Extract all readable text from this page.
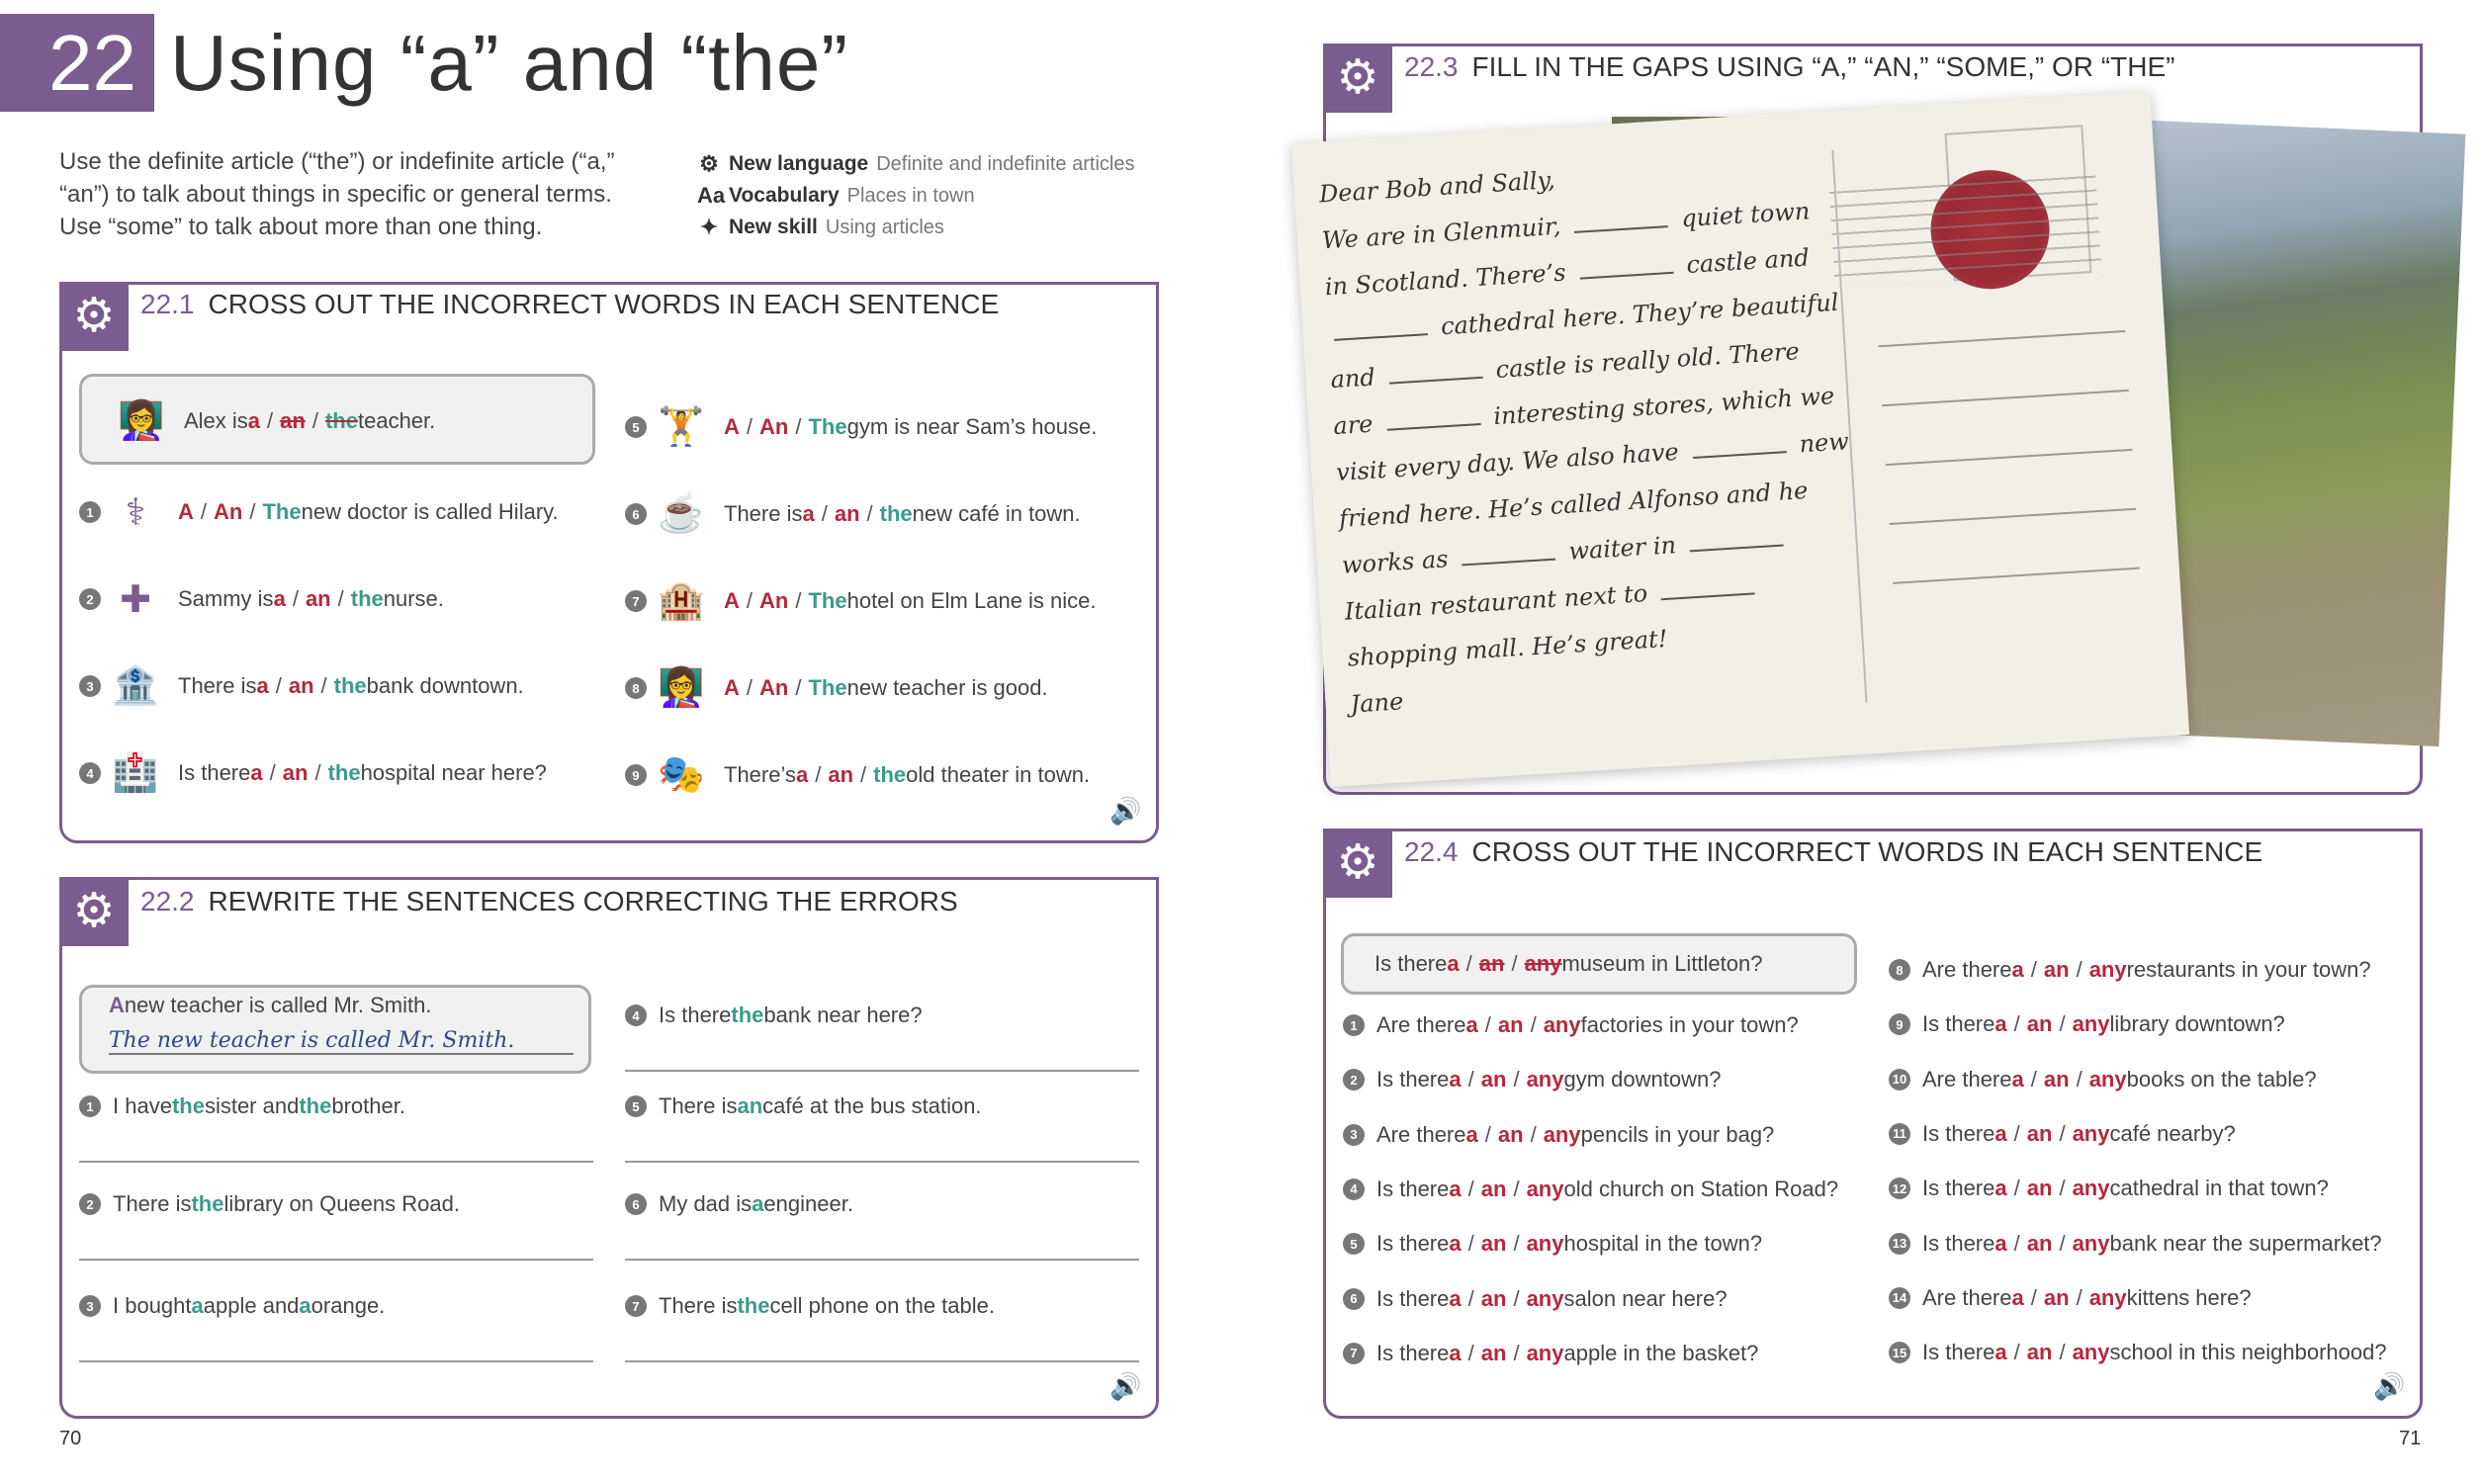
22 Using “a” and “the”
Use the definite article (“the”) or indefinite article (“a,” “an”) to talk about things in specific or general terms. Use “some” to talk about more than one thing.
⚙ New language Definite and indefinite articles
Aa Vocabulary Places in town
✦ New skill Using articles
⚙ 22.1 CROSS OUT THE INCORRECT WORDS IN EACH SENTENCE
👩‍🏫 Alex is a / an / the teacher.
1 ⚕	A / An / The new doctor is called Hilary.
2 ✚	Sammy is a / an / the nurse.
3 🏦 There is a / an / the bank downtown.
4 🏥 Is there a / an / the hospital near here?
5 🏋 A / An / The gym is near Sam’s house.
6 ☕ There is a / an / the new café in town.
7 🏨 A / An / The hotel on Elm Lane is nice.
8 👩‍🏫 A / An / The new teacher is good.
9 🎭 There’s a / an / the old theater in town.
🔊
⚙ 22.2 REWRITE THE SENTENCES CORRECTING THE ERRORS
A new teacher is called Mr. Smith.
The new teacher is called Mr. Smith.
1 I have the sister and the brother.
2 There is the library on Queens Road.
3 I bought a apple and a orange.
4 Is there the bank near here?
5 There is an café at the bus station.
6 My dad is a engineer.
7 There is the cell phone on the table.
🔊
Dear Bob and Sally,
We are in Glenmuir,	quiet town
in Scotland. There’s	castle and
cathedral here. They’re beautiful
and	castle is really old. There
are	interesting stores, which we
visit every day. We also have	new
friend here. He’s called Alfonso and he
works as	waiter in
Italian restaurant next to
shopping mall. He’s great!
Jane
⚙ 22.3 FILL IN THE GAPS USING “A,” “AN,” “SOME,” OR “THE”
⚙ 22.4 CROSS OUT THE INCORRECT WORDS IN EACH SENTENCE
Is there a / an / any museum in Littleton?
1 Are there a / an / any factories in your town?
2 Is there a / an / any gym downtown?
3 Are there a / an / any pencils in your bag?
4 Is there a / an / any old church on Station Road?
5 Is there a / an / any hospital in the town?
6 Is there a / an / any salon near here?
7 Is there a / an / any apple in the basket?
8 Are there a / an / any restaurants in your town?
9 Is there a / an / any library downtown?
10 Are there a / an / any books on the table?
11 Is there a / an / any café nearby?
12 Is there a / an / any cathedral in that town?
13 Is there a / an / any bank near the supermarket?
14 Are there a / an / any kittens here?
15 Is there a / an / any school in this neighborhood?
🔊
70	71
